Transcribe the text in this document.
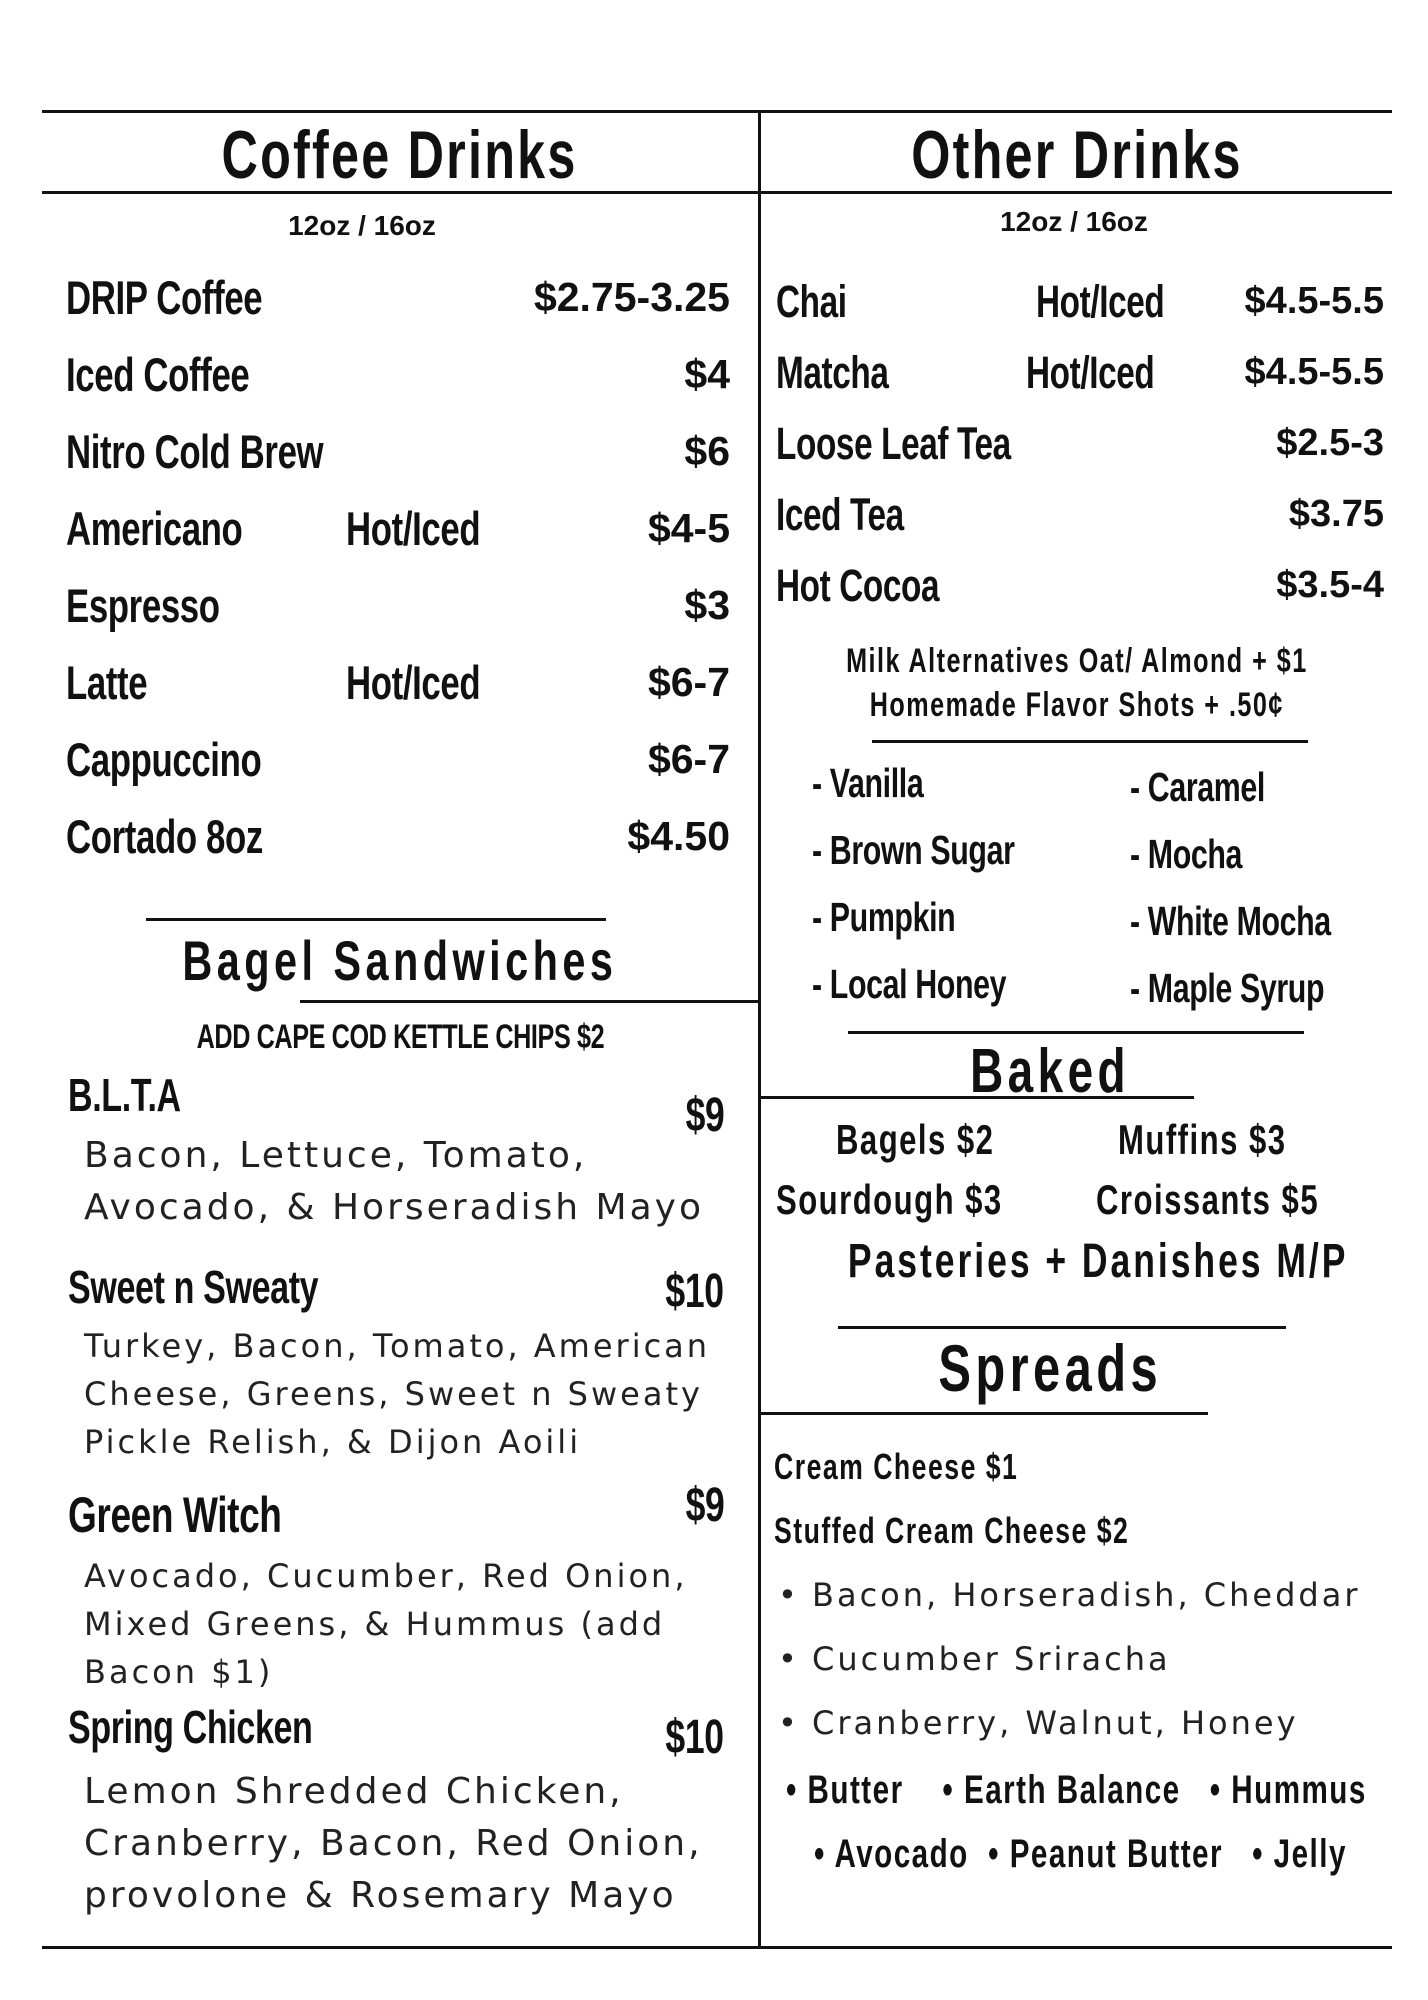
Coffee Drinks
12oz / 16oz
DRIP Coffee	$2.75-3.25
Iced Coffee	$4
Nitro Cold Brew	$6
Americano Hot/Iced	$4-5
Espresso	$3
Latte	Hot/Iced	$6-7
Cappuccino	$6-7
Cortado 8oz	$4.50
Other Drinks
12oz / 16oz
Chai	Hot/Iced $4.5-5.5
Matcha	Hot/Iced $4.5-5.5
Loose Leaf Tea	$2.5-3
Iced Tea	$3.75
Hot Cocoa	$3.5-4
Milk Alternatives Oat/ Almond + $1
Homemade Flavor Shots + .50¢
- Vanilla
- Brown Sugar
- Pumpkin
- Local Honey
- Caramel
- Mocha
- White Mocha
- Maple Syrup
Bagel Sandwiches
ADD CAPE COD KETTLE CHIPS $2
B.L.T.A	$9
Bacon, Lettuce, Tomato,
Avocado, & Horseradish Mayo
Sweet n Sweaty	$10
Turkey, Bacon, Tomato, American
Cheese, Greens, Sweet n Sweaty
Pickle Relish, & Dijon Aoili
Green Witch	$9
Avocado, Cucumber, Red Onion,
Mixed Greens, & Hummus (add
Bacon $1)
Spring Chicken	$10
Lemon Shredded Chicken,
Cranberry, Bacon, Red Onion,
provolone & Rosemary Mayo
Baked
Bagels $2	Muffins $3
Sourdough $3	Croissants $5
Pasteries + Danishes M/P
Spreads
Cream Cheese $1
Stuffed Cream Cheese $2
• Bacon, Horseradish, Cheddar
• Cucumber Sriracha
• Cranberry, Walnut, Honey
• Butter    • Earth Balance   • Hummus
• Avocado  • Peanut Butter   • Jelly
